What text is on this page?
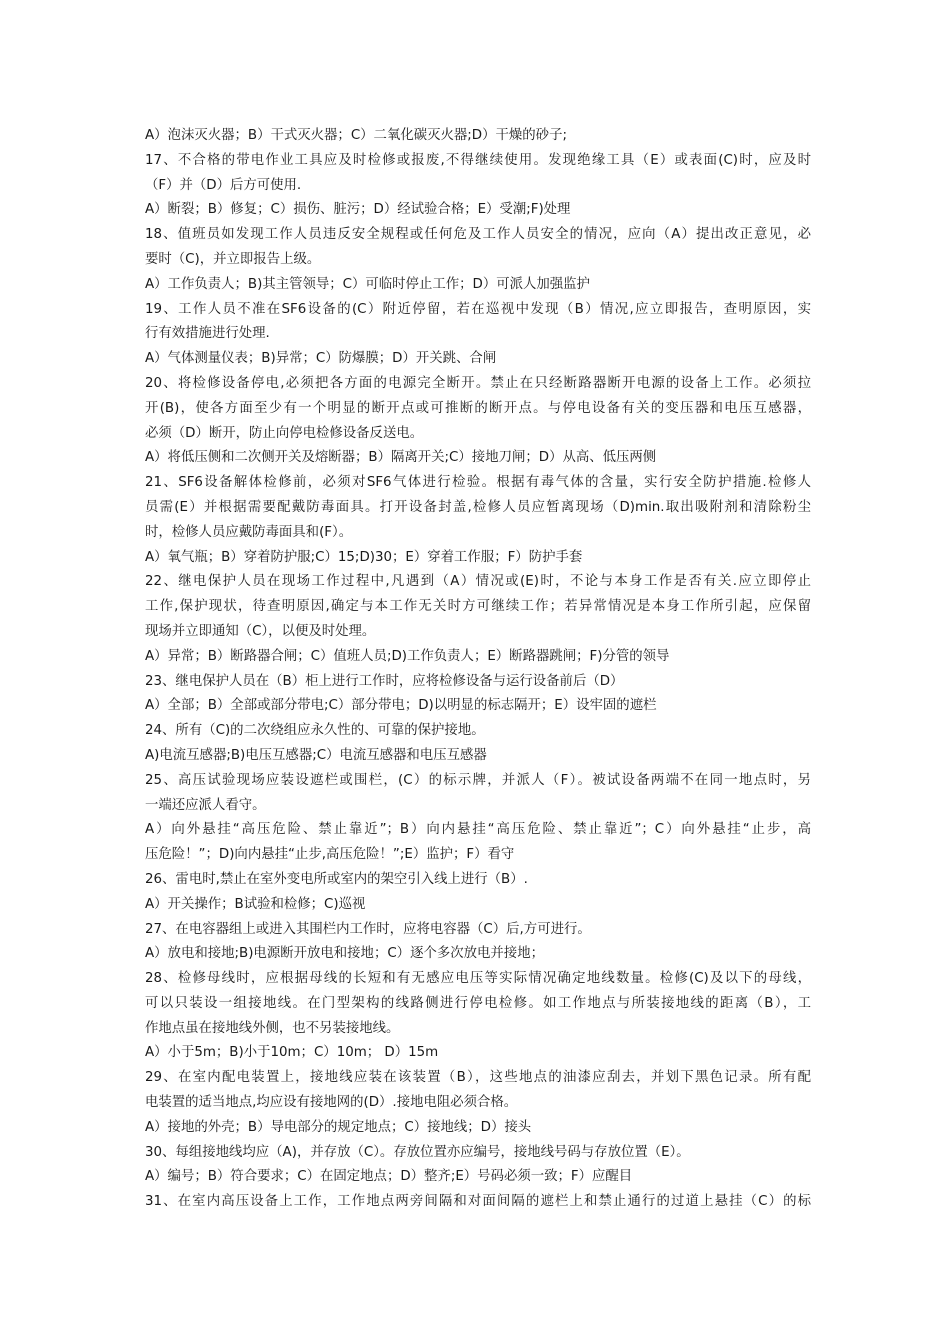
A）泡沫灭火器；B）干式灭火器；C）二氧化碳灭火器;D）干燥的砂子;
17、不合格的带电作业工具应及时检修或报废,不得继续使用。发现绝缘工具（E）或表面(C)时，应及时
（F）并（D）后方可使用.
A）断裂；B）修复；C）损伤、脏污；D）经试验合格；E）受潮;F)处理
18、值班员如发现工作人员违反安全规程或任何危及工作人员安全的情况，应向（A）提出改正意见，必
要时（C)，并立即报告上级。
A）工作负责人；B)其主管领导；C）可临时停止工作；D）可派人加强监护
19、工作人员不准在SF6设备的(C）附近停留，若在巡视中发现（B）情况,应立即报告，查明原因，实
行有效措施进行处理.
A）气体测量仪表；B)异常；C）防爆膜；D）开关跳、合闸
20、将检修设备停电,必须把各方面的电源完全断开。禁止在只经断路器断开电源的设备上工作。必须拉
开(B)，使各方面至少有一个明显的断开点或可推断的断开点。与停电设备有关的变压器和电压互感器，
必须（D）断开，防止向停电检修设备反送电。
A）将低压侧和二次侧开关及熔断器；B）隔离开关;C）接地刀闸；D）从高、低压两侧
21、SF6设备解体检修前，必须对SF6气体进行检验。根据有毒气体的含量，实行安全防护措施.检修人
员需(E）并根据需要配戴防毒面具。打开设备封盖,检修人员应暂离现场（D)min.取出吸附剂和清除粉尘
时，检修人员应戴防毒面具和(F）。
A）氧气瓶；B）穿着防护服;C）15;D)30；E）穿着工作服；F）防护手套
22、继电保护人员在现场工作过程中,凡遇到（A）情况或(E)时，不论与本身工作是否有关.应立即停止
工作,保护现状，待查明原因,确定与本工作无关时方可继续工作；若异常情况是本身工作所引起，应保留
现场并立即通知（C），以便及时处理。
A）异常；B）断路器合闸；C）值班人员;D)工作负责人；E）断路器跳闸；F)分管的领导
23、继电保护人员在（B）柜上进行工作时，应将检修设备与运行设备前后（D）
A）全部；B）全部或部分带电;C）部分带电；D)以明显的标志隔开；E）设牢固的遮栏
24、所有（C)的二次绕组应永久性的、可靠的保护接地。
A)电流互感器;B)电压互感器;C）电流互感器和电压互感器
25、高压试验现场应装设遮栏或围栏，(C）的标示牌，并派人（F）。被试设备两端不在同一地点时，另
一端还应派人看守。
A）向外悬挂“高压危险、禁止靠近”；B）向内悬挂“高压危险、禁止靠近”；C）向外悬挂“止步，高
压危险！”；D)向内悬挂“止步,高压危险！”;E）监护；F）看守
26、雷电时,禁止在室外变电所或室内的架空引入线上进行（B）.
A）开关操作；B试验和检修；C)巡视
27、在电容器组上或进入其围栏内工作时，应将电容器（C）后,方可进行。
A）放电和接地;B)电源断开放电和接地；C）逐个多次放电并接地；
28、检修母线时，应根据母线的长短和有无感应电压等实际情况确定地线数量。检修(C)及以下的母线，
可以只装设一组接地线。在门型架构的线路侧进行停电检修。如工作地点与所装接地线的距离（B），工
作地点虽在接地线外侧，也不另装接地线。
A）小于5m；B)小于10m；C）10m； D）15m
29、在室内配电装置上，接地线应装在该装置（B），这些地点的油漆应刮去，并划下黑色记录。所有配
电装置的适当地点,均应设有接地网的(D）.接地电阻必须合格。
A）接地的外壳；B）导电部分的规定地点；C）接地线；D）接头
30、每组接地线均应（A)，并存放（C）。存放位置亦应编号，接地线号码与存放位置（E）。
A）编号；B）符合要求；C）在固定地点；D）整齐;E）号码必须一致；F）应醒目
31、在室内高压设备上工作，工作地点两旁间隔和对面间隔的遮栏上和禁止通行的过道上悬挂（C）的标
